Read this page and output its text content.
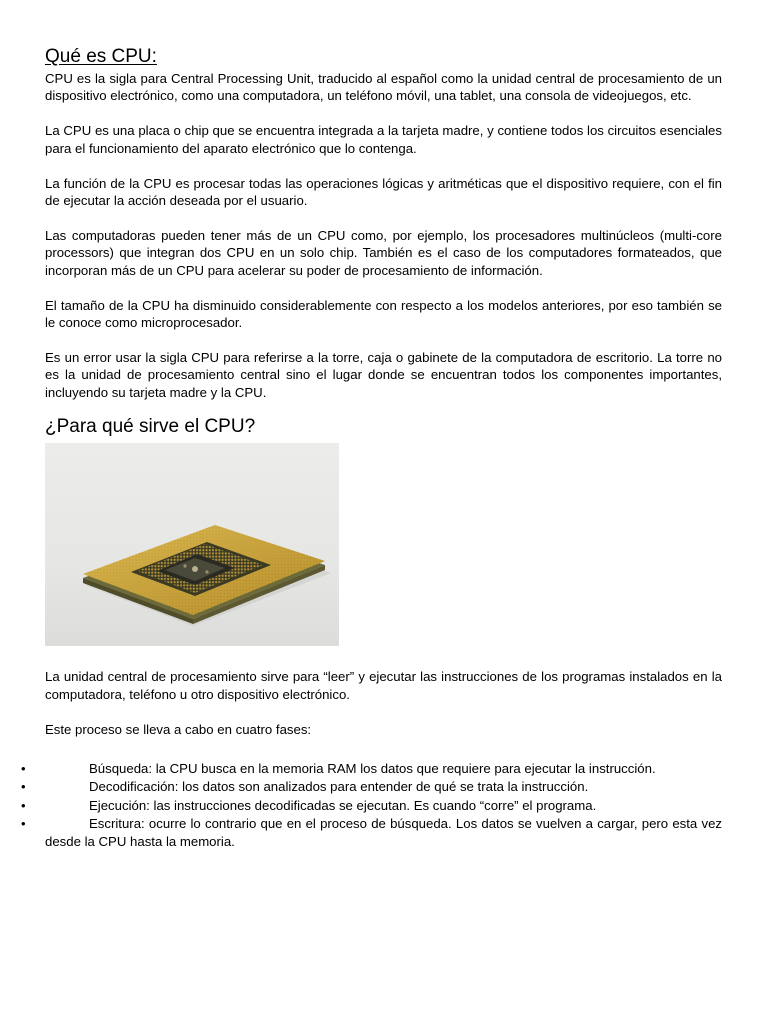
Qué es CPU:

CPU es la sigla para Central Processing Unit, traducido al español como la unidad central de procesamiento de un dispositivo electrónico, como una computadora, un teléfono móvil, una tablet, una consola de videojuegos, etc.

La CPU es una placa o chip que se encuentra integrada a la tarjeta madre, y contiene todos los circuitos esenciales para el funcionamiento del aparato electrónico que lo contenga.

La función de la CPU es procesar todas las operaciones lógicas y aritméticas que el dispositivo requiere, con el fin de ejecutar la acción deseada por el usuario.

Las computadoras pueden tener más de un CPU como, por ejemplo, los procesadores multinúcleos (multi-core processors) que integran dos CPU en un solo chip. También es el caso de los computadores formateados, que incorporan más de un CPU para acelerar su poder de procesamiento de información.

El tamaño de la CPU ha disminuido considerablemente con respecto a los modelos anteriores, por eso también se le conoce como microprocesador.

Es un error usar la sigla CPU para referirse a la torre, caja o gabinete de la computadora de escritorio. La torre no es la unidad de procesamiento central sino el lugar donde se encuentran todos los componentes importantes, incluyendo su tarjeta madre y la CPU.

¿Para qué sirve el CPU?

La unidad central de procesamiento sirve para “leer” y ejecutar las instrucciones de los programas instalados en la computadora, teléfono u otro dispositivo electrónico.

Este proceso se lleva a cabo en cuatro fases:

•	Búsqueda: la CPU busca en la memoria RAM los datos que requiere para ejecutar la instrucción.
•	Decodificación: los datos son analizados para entender de qué se trata la instrucción.
•	Ejecución: las instrucciones decodificadas se ejecutan. Es cuando “corre” el programa.
•	Escritura: ocurre lo contrario que en el proceso de búsqueda. Los datos se vuelven a cargar, pero esta vez desde la CPU hasta la memoria.
